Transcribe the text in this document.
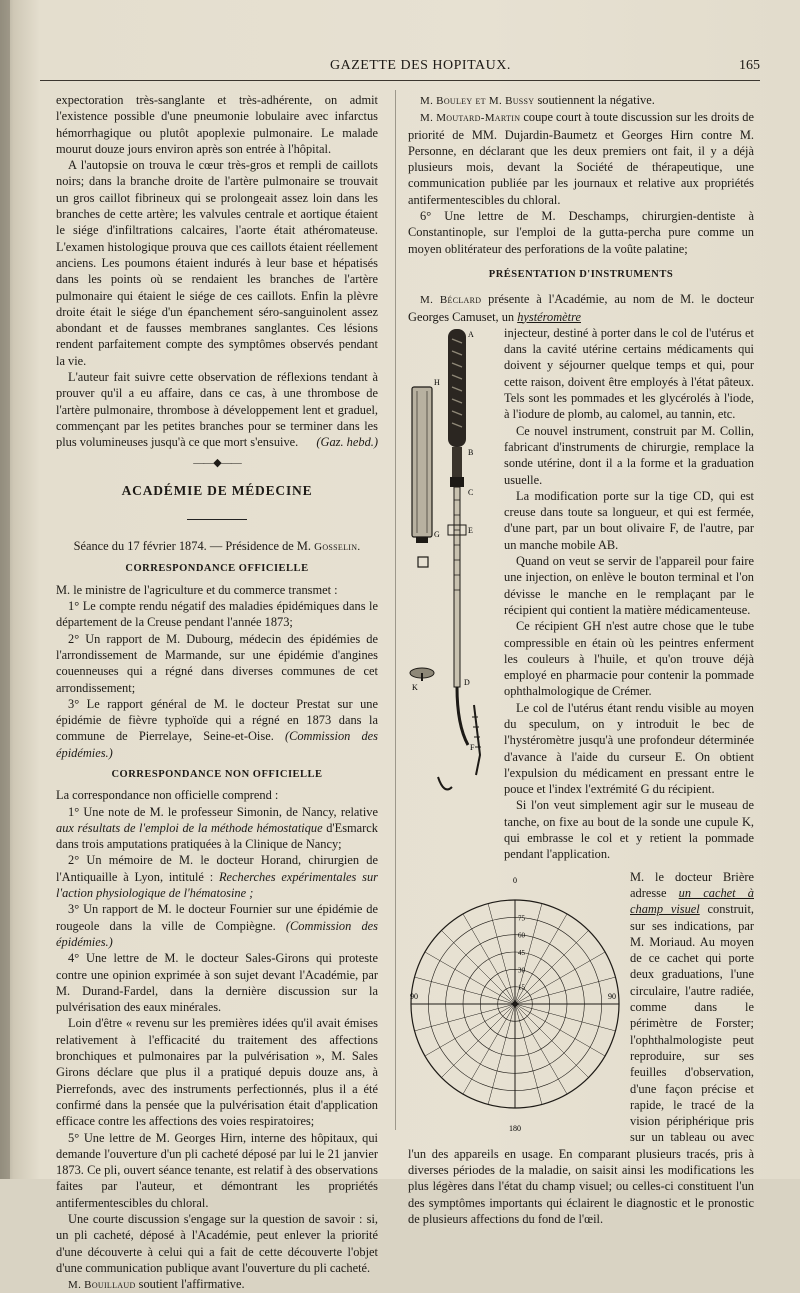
GAZETTE DES HOPITAUX.	165

expectoration très-sanglante et très-adhérente, on admit l'existence possible d'une pneumonie lobulaire avec infarctus hémorrhagique ou plutôt apoplexie pulmonaire. Le malade mourut douze jours environ après son entrée à l'hôpital.

A l'autopsie on trouva le cœur très-gros et rempli de caillots noirs; dans la branche droite de l'artère pulmonaire se trouvait un gros caillot fibrineux qui se prolongeait assez loin dans les branches de cette artère; les valvules centrale et aortique étaient le siége d'infiltrations calcaires, l'aorte était athéromateuse. L'examen histologique prouva que ces caillots étaient réellement anciens. Les poumons étaient indurés à leur base et hépatisés dans les points où se rendaient les branches de l'artère pulmonaire qui étaient le siége de ces caillots. Enfin la plèvre droite était le siége d'un épanchement séro-sanguinolent assez abondant et de fausses membranes sanglantes. Ces lésions rendent parfaitement compte des symptômes observés pendant la vie.

L'auteur fait suivre cette observation de réflexions tendant à prouver qu'il a eu affaire, dans ce cas, à une thrombose de l'artère pulmonaire, thrombose à développement lent et graduel, commençant par les petites branches pour se terminer dans les plus volumineuses jusqu'à ce que mort s'ensuive.	(Gaz. hebd.)

——◆——
ACADÉMIE DE MÉDECINE

Séance du 17 février 1874. — Présidence de M. Gosselin.

CORRESPONDANCE OFFICIELLE

M. le ministre de l'agriculture et du commerce transmet :

1° Le compte rendu négatif des maladies épidémiques dans le département de la Creuse pendant l'année 1873;

2° Un rapport de M. Dubourg, médecin des épidémies de l'arrondissement de Marmande, sur une épidémie d'angines couenneuses qui a régné dans diverses communes de cet arrondissement;

3° Le rapport général de M. le docteur Prestat sur une épidémie de fièvre typhoïde qui a régné en 1873 dans la commune de Pierrelaye, Seine-et-Oise. (Commission des épidémies.)

CORRESPONDANCE NON OFFICIELLE

La correspondance non officielle comprend :

1° Une note de M. le professeur Simonin, de Nancy, relative aux résultats de l'emploi de la méthode hémostatique d'Esmarck dans trois amputations pratiquées à la Clinique de Nancy;

2° Un mémoire de M. le docteur Horand, chirurgien de l'Antiquaille à Lyon, intitulé : Recherches expérimentales sur l'action physiologique de l'hématosine ;

3° Un rapport de M. le docteur Fournier sur une épidémie de rougeole dans la ville de Compiègne. (Commission des épidémies.)

4° Une lettre de M. le docteur Sales-Girons qui proteste contre une opinion exprimée à son sujet devant l'Académie, par M. Durand-Fardel, dans la dernière discussion sur la pulvérisation des eaux minérales.

Loin d'être « revenu sur les premières idées qu'il avait émises relativement à l'efficacité du traitement des affections bronchiques et pulmonaires par la pulvérisation », M. Sales Girons déclare que plus il a pratiqué depuis douze ans, à Pierrefonds, avec des instruments perfectionnés, plus il a été confirmé dans la pensée que la pulvérisation était d'application efficace contre les affections des voies respiratoires;

5° Une lettre de M. Georges Hirn, interne des hôpitaux, qui demande l'ouverture d'un pli cacheté déposé par lui le 21 janvier 1873. Ce pli, ouvert séance tenante, est relatif à des observations faites par l'auteur, et démontrant les propriétés antifermentescibles du chloral.

Une courte discussion s'engage sur la question de savoir : si, un pli cacheté, déposé à l'Académie, peut enlever la priorité d'une découverte à celui qui a fait de cette découverte l'objet d'une communication publique avant l'ouverture du pli cacheté.

M. Bouillaud soutient l'affirmative.

M. Bouley et M. Bussy soutiennent la négative.

M. Moutard-Martin coupe court à toute discussion sur les droits de priorité de MM. Dujardin-Baumetz et Georges Hirn contre M. Personne, en déclarant que les deux premiers ont fait, il y a déjà plusieurs mois, devant la Société de thérapeutique, une communication publiée par les journaux et relative aux propriétés antifermentescibles du chloral.

6° Une lettre de M. Deschamps, chirurgien-dentiste à Constantinople, sur l'emploi de la gutta-percha pure comme un moyen oblitérateur des perforations de la voûte palatine;

PRÉSENTATION D'INSTRUMENTS

M. Béclard présente à l'Académie, au nom de M. le docteur Georges Camuset, un hystéromètre

H
G
A
B
C
E
D
F
K

injecteur, destiné à porter dans le col de l'utérus et dans la cavité utérine certains médicaments qui doivent y séjourner quelque temps et qui, pour cette raison, doivent être employés à l'état pâteux. Tels sont les pommades et les glycérolés à l'iode, à l'iodure de plomb, au calomel, au tannin, etc.

Ce nouvel instrument, construit par M. Collin, fabricant d'instruments de chirurgie, remplace la sonde utérine, dont il a la forme et la graduation usuelle.

La modification porte sur la tige CD, qui est creuse dans toute sa longueur, et qui est fermée, d'une part, par un bout olivaire F, de l'autre, par un manche mobile AB.

Quand on veut se servir de l'appareil pour faire une injection, on enlève le bouton terminal et l'on dévisse le manche en le remplaçant par le récipient qui contient la matière médicamenteuse.

Ce récipient GH n'est autre chose que le tube compressible en étain où les peintres enferment les couleurs à l'huile, et qu'on trouve déjà employé en pharmacie pour contenir la pommade ophthalmologique de Crémer.

Le col de l'utérus étant rendu visible au moyen du speculum, on y introduit le bec de l'hystéromètre jusqu'à une profondeur déterminée d'avance à l'aide du curseur E. On obtient l'expulsion du médicament en pressant entre le pouce et l'index l'extrémité G du récipient.

Si l'on veut simplement agir sur le museau de tanche, on fixe au bout de la sonde une cupule K, qui embrasse le col et y retient la pommade pendant l'application.

0
90
90
180
75
60
45
30
15

M. le docteur Brière adresse un cachet à champ visuel construit, sur ses indications, par M. Moriaud. Au moyen de ce cachet qui porte deux graduations, l'une circulaire, l'autre radiée, comme dans le périmètre de Forster; l'ophthalmologiste peut reproduire, sur ses feuilles d'observation, d'une façon précise et rapide, le tracé de la vision périphérique pris sur un tableau ou avec l'un des appareils en usage. En comparant plusieurs tracés, pris à diverses périodes de la maladie, on saisit ainsi les modifications les plus légères dans l'état du champ visuel; ou celles-ci constituent l'un des symptômes importants qui éclairent le diagnostic et le pronostic de plusieurs affections du fond de l'œil.
